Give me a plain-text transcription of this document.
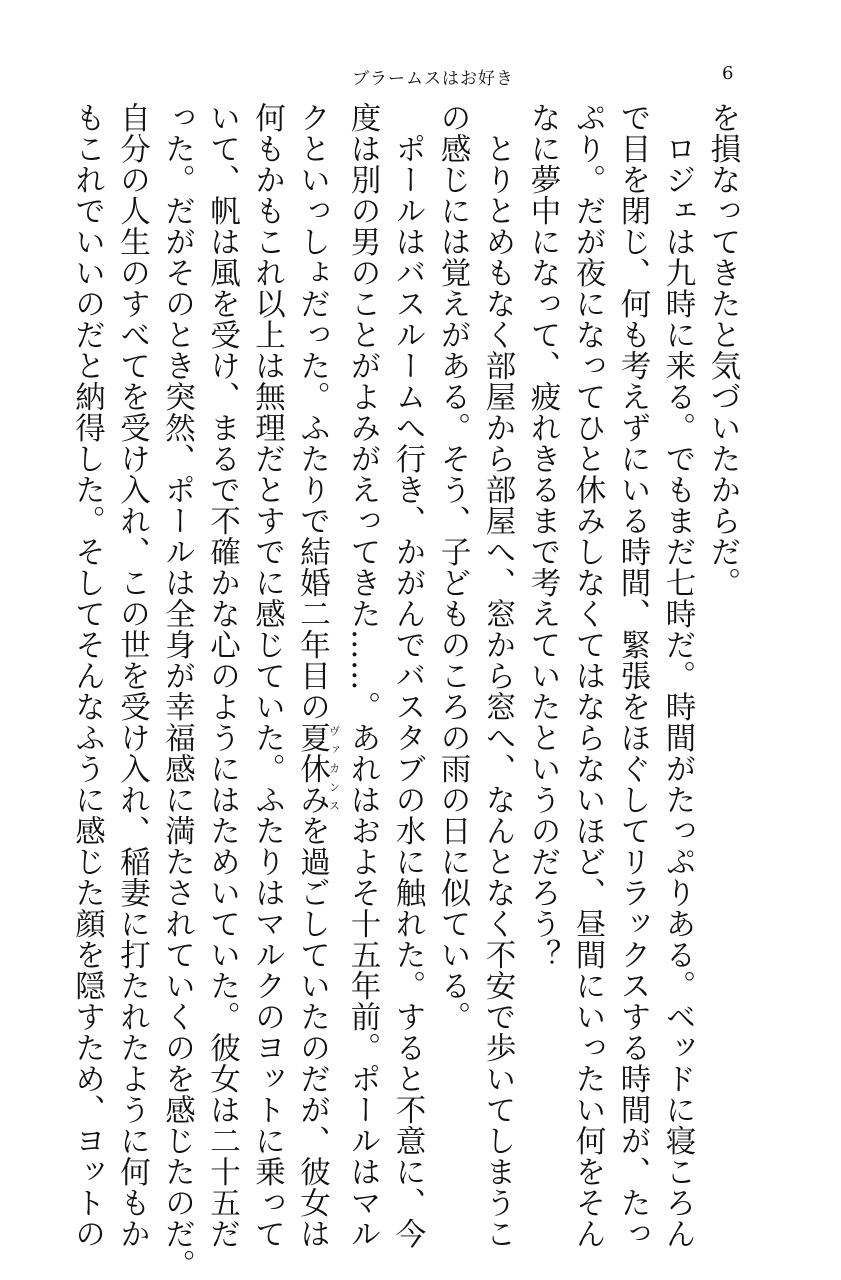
ブラームスはお好き	6
を損なってきたと気づいたからだ。
　ロジェは九時に来る。でもまだ七時だ。時間がたっぷりある。ベッドに寝ころん
で目を閉じ、何も考えずにいる時間、緊張をほぐしてリラックスする時間が、たっ
ぷり。だが夜になってひと休みしなくてはならないほど、昼間にいったい何をそん
なに夢中になって、疲れきるまで考えていたというのだろう？
　とりとめもなく部屋から部屋へ、窓から窓へ、なんとなく不安で歩いてしまうこ
の感じには覚えがある。そう、子どものころの雨の日に似ている。
　ポールはバスルームへ行き、かがんでバスタブの水に触れた。すると不意に、今
度は別の男のことがよみがえってきた……。あれはおよそ十五年前。ポールはマル
クといっしょだった。ふたりで結婚二年目の夏休みヴァカンスを過ごしていたのだが、彼女は
何もかもこれ以上は無理だとすでに感じていた。ふたりはマルクのヨットに乗って
いて、帆は風を受け、まるで不確かな心のようにはためいていた。彼女は二十五だ
った。だがそのとき突然、ポールは全身が幸福感に満たされていくのを感じたのだ。
自分の人生のすべてを受け入れ、この世を受け入れ、稲妻に打たれたように何もか
もこれでいいのだと納得した。そしてそんなふうに感じた顔を隠すため、ヨットの
